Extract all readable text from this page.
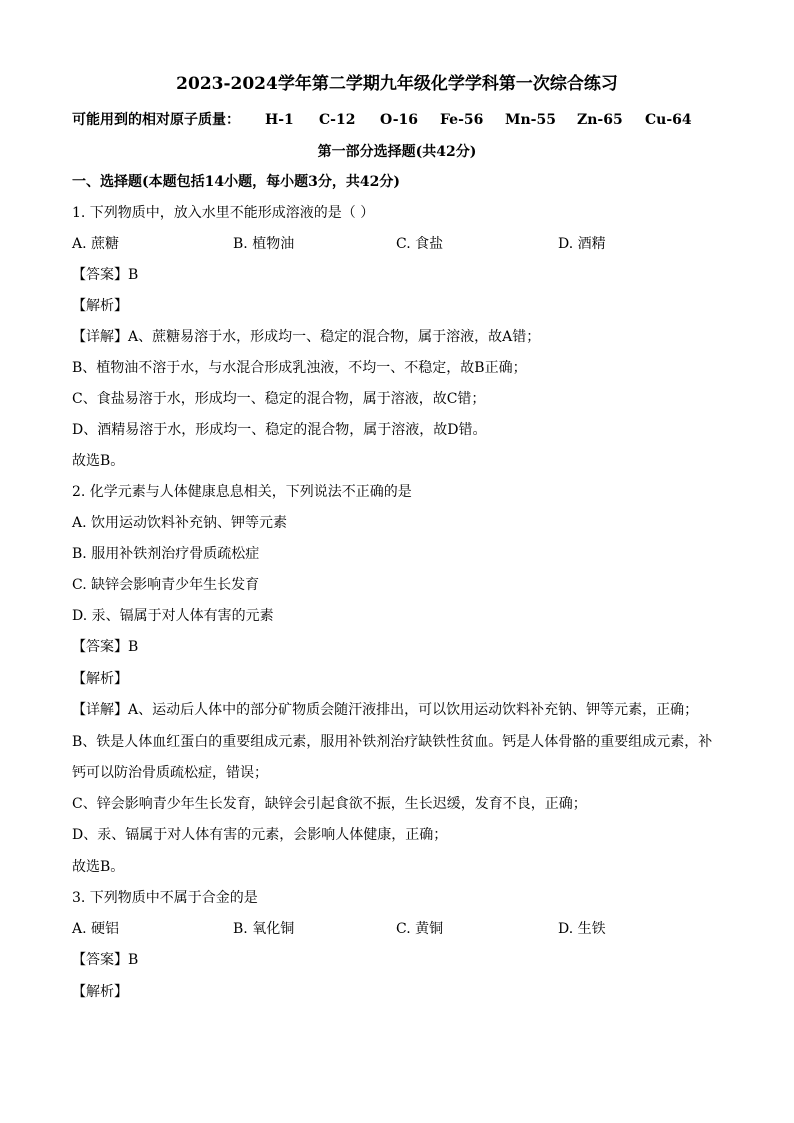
2023-2024学年第二学期九年级化学学科第一次综合练习
可能用到的相对原子质量： H-1 C-12 O-16 Fe-56 Mn-55 Zn-65 Cu-64
第一部分选择题(共42分)
一、选择题(本题包括14小题，每小题3分，共42分)
1. 下列物质中，放入水里不能形成溶液的是（ ）
A. 蔗糖	B. 植物油	C. 食盐	D. 酒精
【答案】B
【解析】
【详解】A、蔗糖易溶于水，形成均一、稳定的混合物，属于溶液，故A错；
B、植物油不溶于水，与水混合形成乳浊液，不均一、不稳定，故B正确；
C、食盐易溶于水，形成均一、稳定的混合物，属于溶液，故C错；
D、酒精易溶于水，形成均一、稳定的混合物，属于溶液，故D错。
故选B。
2. 化学元素与人体健康息息相关，下列说法不正确的是
A. 饮用运动饮料补充钠、钾等元素
B. 服用补铁剂治疗骨质疏松症
C. 缺锌会影响青少年生长发育
D. 汞、镉属于对人体有害的元素
【答案】B
【解析】
【详解】A、运动后人体中的部分矿物质会随汗液排出，可以饮用运动饮料补充钠、钾等元素，正确；
B、铁是人体血红蛋白的重要组成元素，服用补铁剂治疗缺铁性贫血。钙是人体骨骼的重要组成元素，补
钙可以防治骨质疏松症，错误；
C、锌会影响青少年生长发育，缺锌会引起食欲不振，生长迟缓，发育不良，正确；
D、汞、镉属于对人体有害的元素，会影响人体健康，正确；
故选B。
3. 下列物质中不属于合金的是
A. 硬铝	B. 氧化铜	C. 黄铜	D. 生铁
【答案】B
【解析】
